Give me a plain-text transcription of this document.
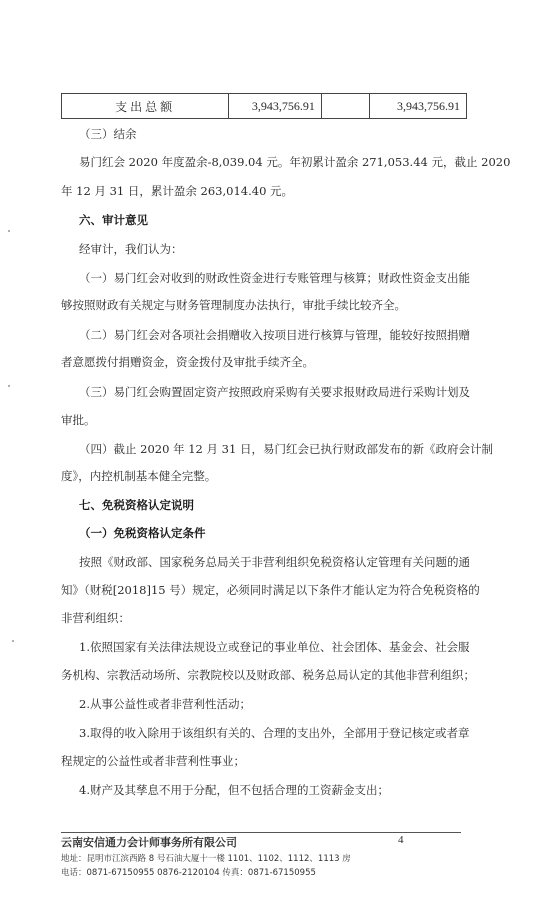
支出总额	3,943,756.91		3,943,756.91
（三）结余
易门红会 2020 年度盈余-8,039.04 元。年初累计盈余 271,053.44 元，截止 2020
年 12 月 31 日，累计盈余 263,014.40 元。
六、审计意见
经审计，我们认为：
（一）易门红会对收到的财政性资金进行专账管理与核算；财政性资金支出能
够按照财政有关规定与财务管理制度办法执行，审批手续比较齐全。
（二）易门红会对各项社会捐赠收入按项目进行核算与管理，能较好按照捐赠
者意愿拨付捐赠资金，资金拨付及审批手续齐全。
（三）易门红会购置固定资产按照政府采购有关要求报财政局进行采购计划及
审批。
（四）截止 2020 年 12 月 31 日，易门红会已执行财政部发布的新《政府会计制
度》，内控机制基本健全完整。
七、免税资格认定说明
（一）免税资格认定条件
按照《财政部、国家税务总局关于非营利组织免税资格认定管理有关问题的通
知》（财税[2018]15 号）规定，必须同时满足以下条件才能认定为符合免税资格的
非营利组织：
1.依照国家有关法律法规设立或登记的事业单位、社会团体、基金会、社会服
务机构、宗教活动场所、宗教院校以及财政部、税务总局认定的其他非营利组织；
2.从事公益性或者非营利性活动；
3.取得的收入除用于该组织有关的、合理的支出外，全部用于登记核定或者章
程规定的公益性或者非营利性事业；
4.财产及其孳息不用于分配，但不包括合理的工资薪金支出；
云南安信通力会计师事务所有限公司	4
地址：昆明市江滨西路 8 号石油大厦十一楼 1101、1102、1112、1113 房
电话：0871-67150955 0876-2120104 传真：0871-67150955
